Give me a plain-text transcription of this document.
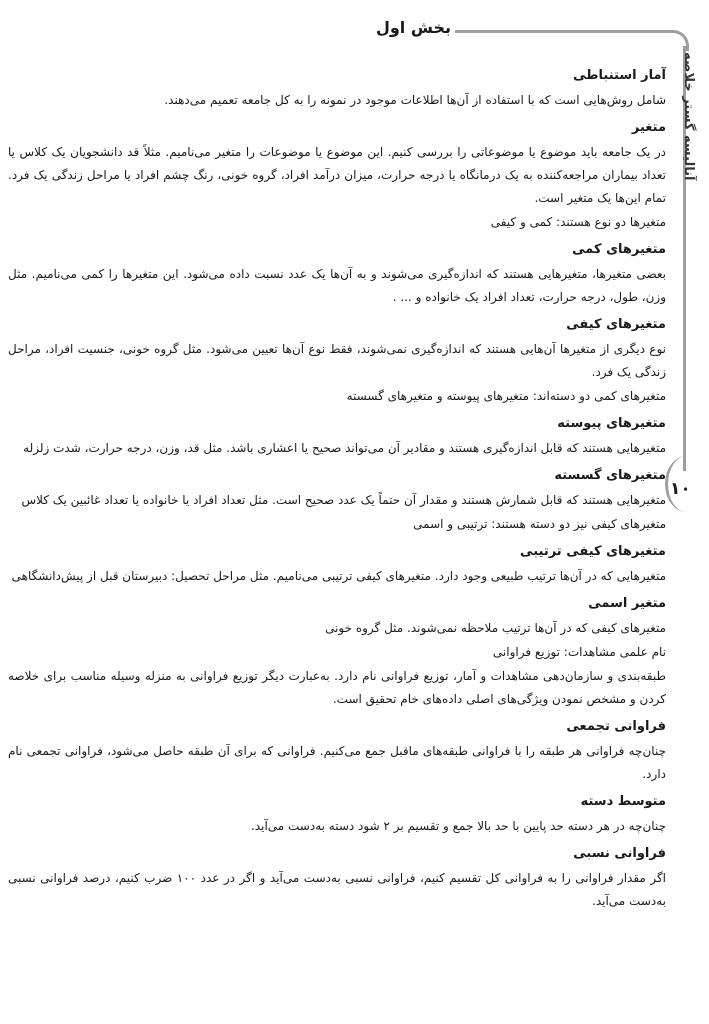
بخش اول
آنالیسه گستر خلاصه
۱۰
آمار استنباطی

شامل روش‌هایی است که با استفاده از آن‌ها اطلاعات موجود در نمونه را به کل جامعه تعمیم می‌دهند.

متغیر

در یک جامعه باید موضوع یا موضوعاتی را بررسی کنیم. این موضوع یا موضوعات را متغیر می‌نامیم. مثلاً قد دانشجویان یک کلاس یا تعداد بیماران مراجعه‌کننده به یک درمانگاه یا درجه حرارت، میزان درآمد افراد، گروه خونی، رنگ چشم افراد یا مراحل زندگی یک فرد. تمام این‌ها یک متغیر است.

متغیرها دو نوع هستند: کمی و کیفی

متغیرهای کمی

بعضی متغیرها، متغیرهایی هستند که اندازه‌گیری می‌شوند و به آن‌ها یک عدد نسبت داده می‌شود. این متغیرها را کمی می‌نامیم. مثل وزن، طول، درجه حرارت، تعداد افراد یک خانواده و ... .

متغیرهای کیفی

نوع دیگری از متغیرها آن‌هایی هستند که اندازه‌گیری نمی‌شوند، فقط نوع آن‌ها تعیین می‌شود. مثل گروه خونی، جنسیت افراد، مراحل زندگی یک فرد.

متغیرهای کمی دو دسته‌اند: متغیرهای پیوسته و متغیرهای گسسته

متغیرهای پیوسته

متغیرهایی هستند که قابل اندازه‌گیری هستند و مقادیر آن می‌تواند صحیح یا اعشاری باشد. مثل قد، وزن، درجه حرارت، شدت زلزله

متغیرهای گسسته

متغیرهایی هستند که قابل شمارش هستند و مقدار آن حتماً یک عدد صحیح است. مثل تعداد افراد یا خانواده یا تعداد غائبین یک کلاس

متغیرهای کیفی نیز دو دسته هستند: ترتیبی و اسمی

متغیرهای کیفی ترتیبی

متغیرهایی که در آن‌ها ترتیب طبیعی وجود دارد. متغیرهای کیفی ترتیبی می‌نامیم. مثل مراحل تحصیل: دبیرستان قبل از پیش‌دانشگاهی

متغیر اسمی

متغیرهای کیفی که در آن‌ها ترتیب ملاحظه نمی‌شوند. مثل گروه خونی

نام علمی مشاهدات: توزیع فراوانی

طبقه‌بندی و سازمان‌دهی مشاهدات و آمار، توزیع فراوانی نام دارد. به‌عبارت دیگر توزیع فراوانی به منزله وسیله مناسب برای خلاصه کردن و مشخص نمودن ویژگی‌های اصلی داده‌های خام تحقیق است.

فراوانی تجمعی

چنان‌چه فراوانی هر طبقه را با فراوانی طبقه‌های ماقبل جمع می‌کنیم. فراوانی که برای آن طبقه حاصل می‌شود، فراوانی تجمعی نام دارد.

متوسط دسته

چنان‌چه در هر دسته حد پایین با حد بالا جمع و تقسیم بر ۲ شود دسته به‌دست می‌آید.

فراوانی نسبی

اگر مقدار فراوانی را به فراوانی کل تقسیم کنیم، فراوانی نسبی به‌دست می‌آید و اگر در عدد ۱۰۰ ضرب کنیم، درصد فراوانی نسبی به‌دست می‌آید.
